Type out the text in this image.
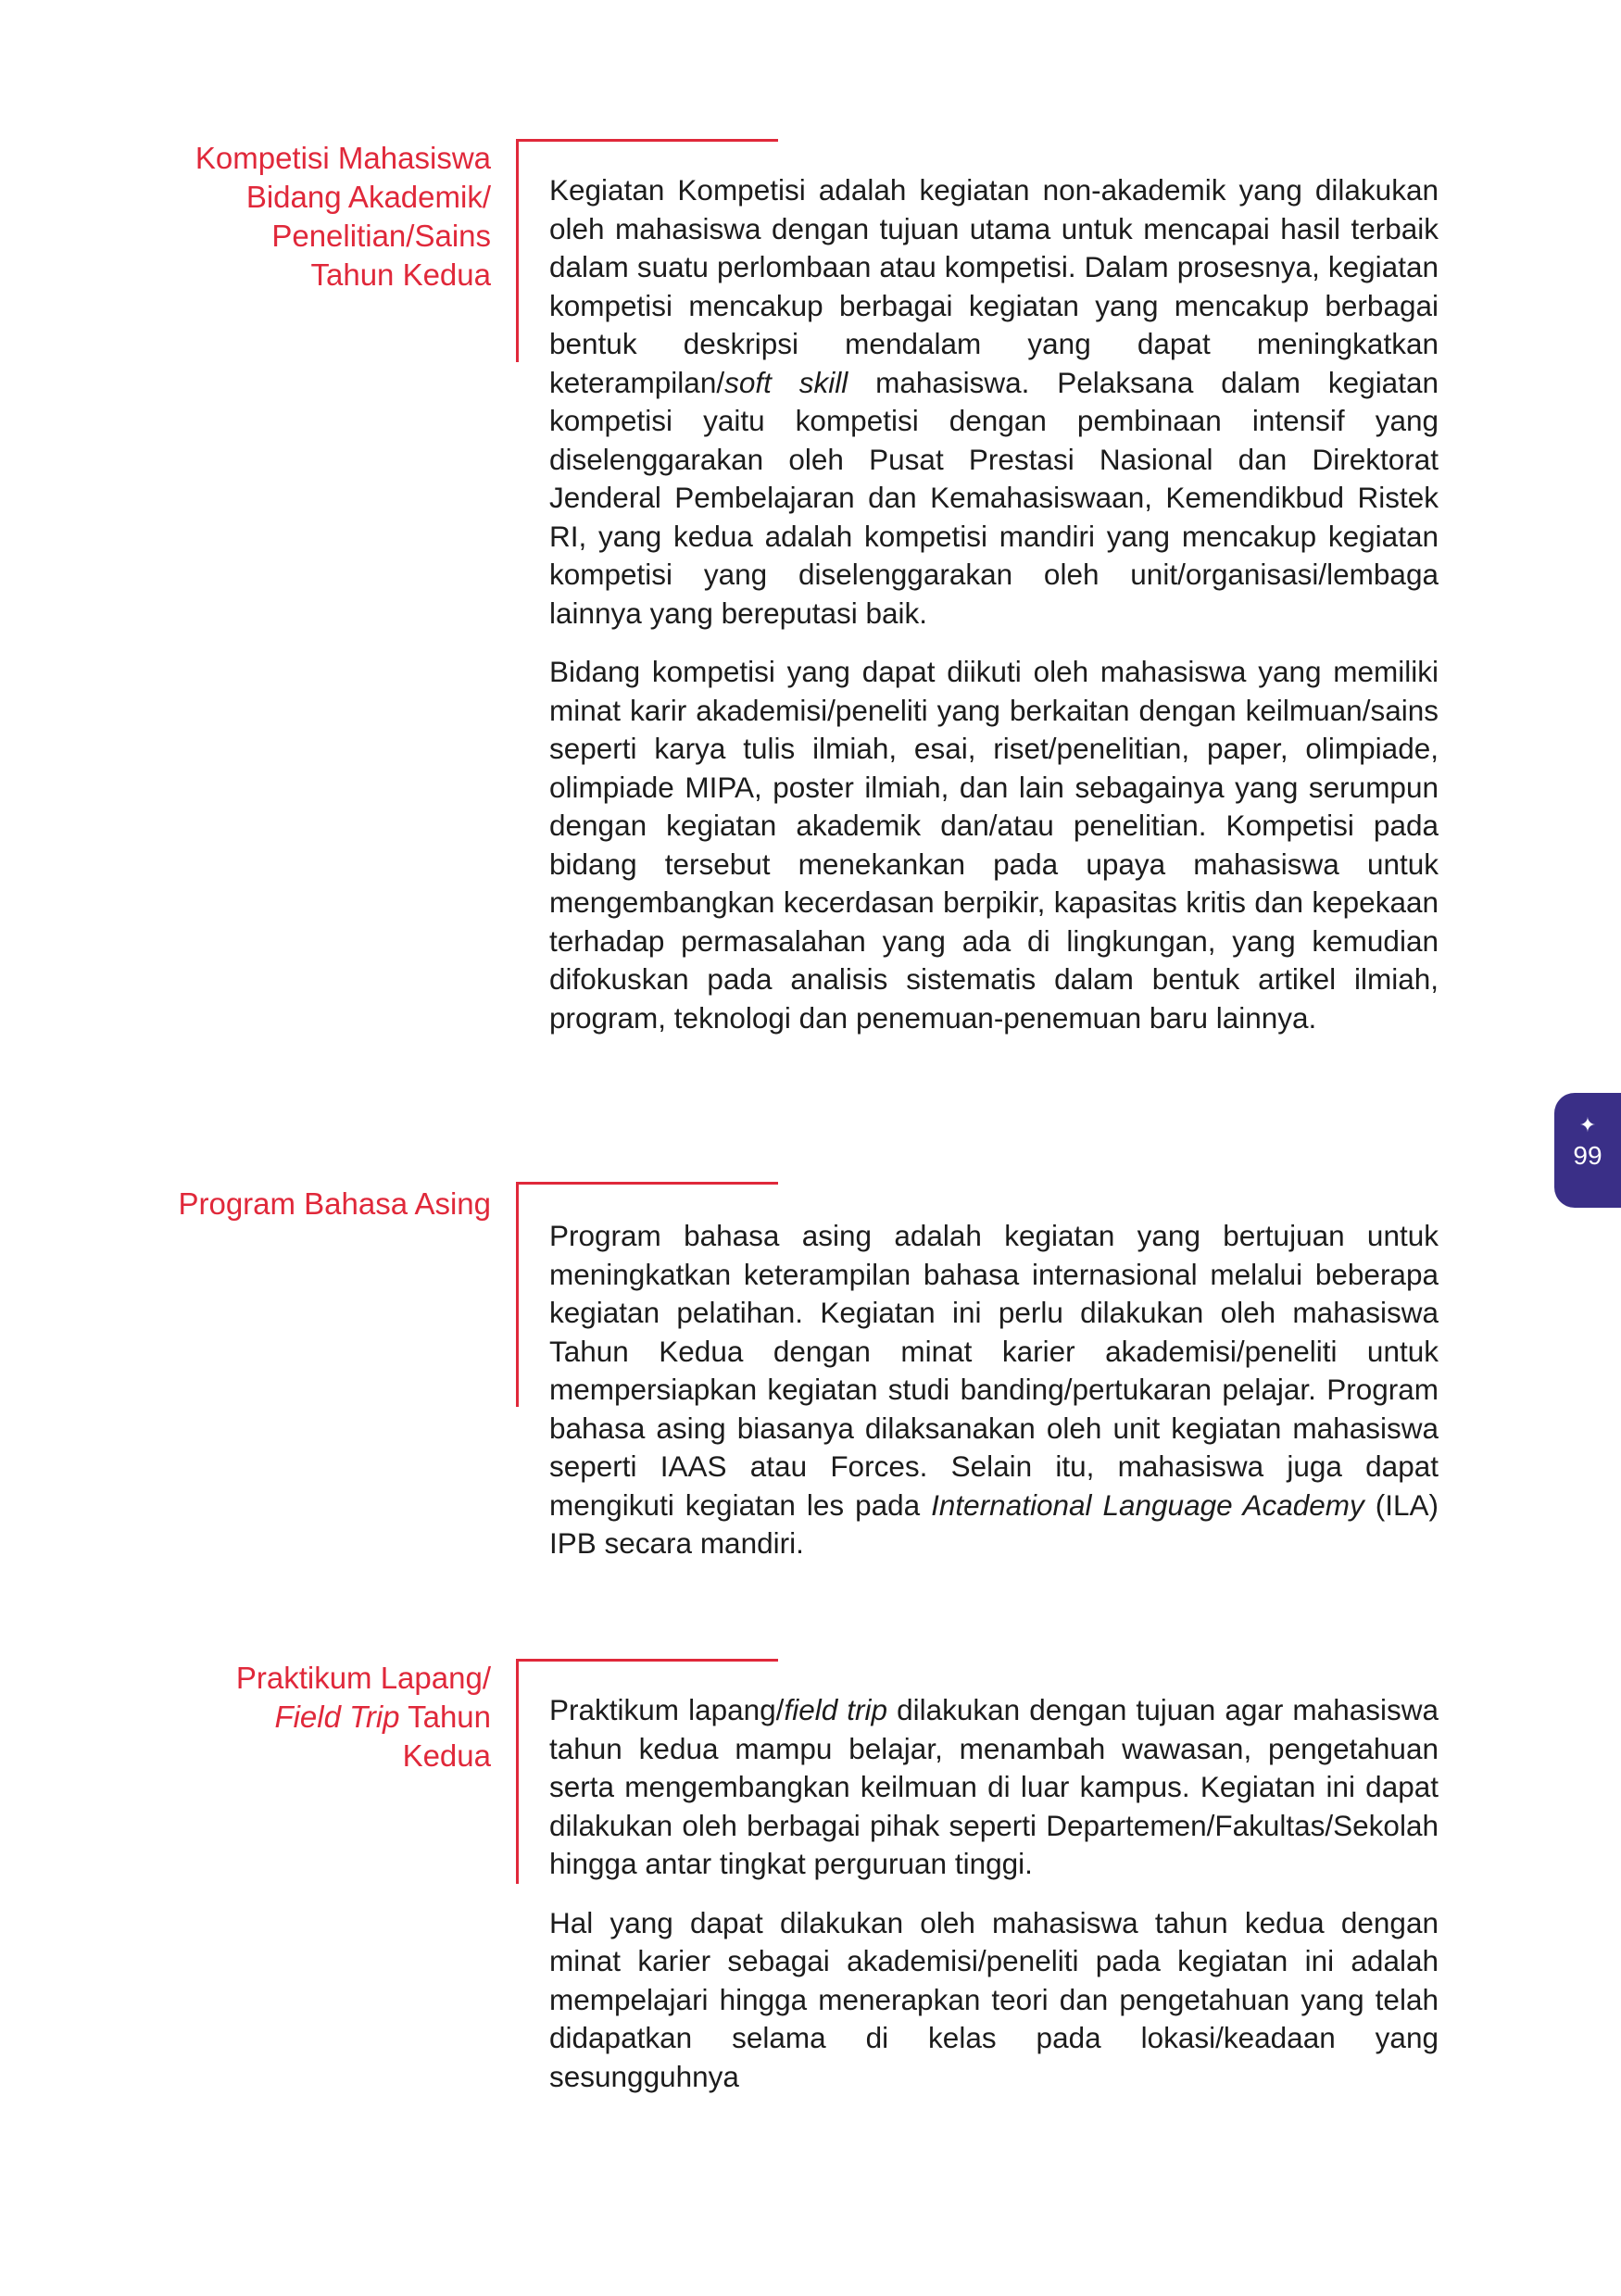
Kompetisi Mahasiswa
Bidang Akademik/
Penelitian/Sains
Tahun Kedua

Kegiatan Kompetisi adalah kegiatan non-akademik yang dilakukan oleh mahasiswa dengan tujuan utama untuk mencapai hasil terbaik dalam suatu perlombaan atau kompetisi. Dalam prosesnya, kegiatan kompetisi mencakup berbagai kegiatan yang mencakup berbagai bentuk deskripsi mendalam yang dapat meningkatkan keterampilan/soft skill mahasiswa. Pelaksana dalam kegiatan kompetisi yaitu kompetisi dengan pembinaan intensif yang diselenggarakan oleh Pusat Prestasi Nasional dan Direktorat Jenderal Pembelajaran dan Kemahasiswaan, Kemendikbud Ristek RI, yang kedua adalah kompetisi mandiri yang mencakup kegiatan kompetisi yang diselenggarakan oleh unit/organisasi/lembaga lainnya yang bereputasi baik.

Bidang kompetisi yang dapat diikuti oleh mahasiswa yang memiliki minat karir akademisi/peneliti yang berkaitan dengan keilmuan/sains seperti karya tulis ilmiah, esai, riset/penelitian, paper, olimpiade, olimpiade MIPA, poster ilmiah, dan lain sebagainya yang serumpun dengan kegiatan akademik dan/atau penelitian. Kompetisi pada bidang tersebut menekankan pada upaya mahasiswa untuk mengembangkan kecerdasan berpikir, kapasitas kritis dan kepekaan terhadap permasalahan yang ada di lingkungan, yang kemudian difokuskan pada analisis sistematis dalam bentuk artikel ilmiah, program, teknologi dan penemuan-penemuan baru lainnya.

Program Bahasa Asing

Program bahasa asing adalah kegiatan yang bertujuan untuk meningkatkan keterampilan bahasa internasional melalui beberapa kegiatan pelatihan. Kegiatan ini perlu dilakukan oleh mahasiswa Tahun Kedua dengan minat karier akademisi/peneliti untuk mempersiapkan kegiatan studi banding/pertukaran pelajar. Program bahasa asing biasanya dilaksanakan oleh unit kegiatan mahasiswa seperti IAAS atau Forces. Selain itu, mahasiswa juga dapat mengikuti kegiatan les pada International Language Academy (ILA) IPB secara mandiri.

Praktikum Lapang/
Field Trip Tahun
Kedua

Praktikum lapang/field trip dilakukan dengan tujuan agar mahasiswa tahun kedua mampu belajar, menambah wawasan, pengetahuan serta mengembangkan keilmuan di luar kampus. Kegiatan ini dapat dilakukan oleh berbagai pihak seperti Departemen/Fakultas/Sekolah hingga antar tingkat perguruan tinggi.

Hal yang dapat dilakukan oleh mahasiswa tahun kedua dengan minat karier sebagai akademisi/peneliti pada kegiatan ini adalah mempelajari hingga menerapkan teori dan pengetahuan yang telah didapatkan selama di kelas pada lokasi/keadaan yang sesungguhnya

✦
99
